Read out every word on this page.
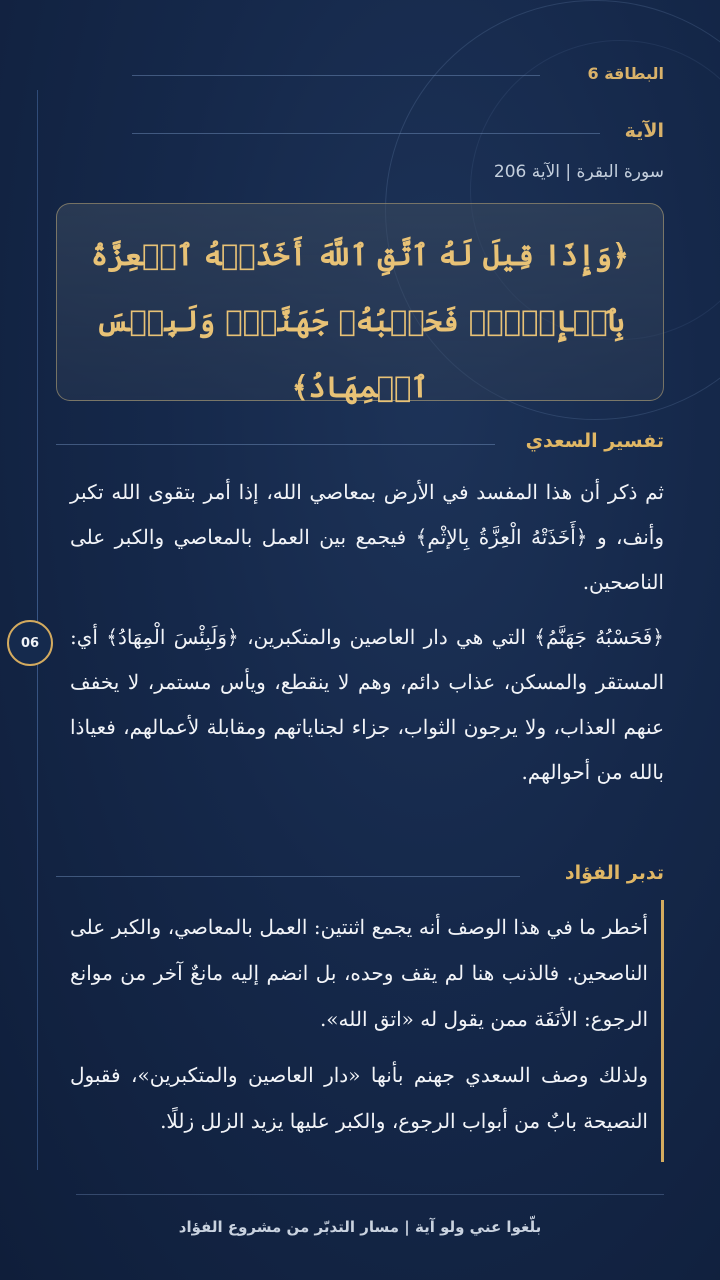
06
البطاقة 6
الآية
سورة البقرة | الآية 206
﴿وَإِذَا قِيلَ لَهُ ٱتَّقِ ٱللَّهَ أَخَذَتۡهُ ٱلۡعِزَّةُ بِٱلۡإِثۡمِۚ فَحَسۡبُهُۥ جَهَنَّمُۖ وَلَبِئۡسَ ٱلۡمِهَادُ﴾
تفسير السعدي

ثم ذكر أن هذا المفسد في الأرض بمعاصي الله، إذا أمر بتقوى الله تكبر وأنف، و ﴿أَخَذَتْهُ الْعِزَّةُ بِالإثْمِ﴾ فيجمع بين العمل بالمعاصي والكبر على الناصحين.

﴿فَحَسْبُهُ جَهَنَّمُ﴾ التي هي دار العاصين والمتكبرين، ﴿وَلَبِئْسَ الْمِهَادُ﴾ أي: المستقر والمسكن، عذاب دائم، وهم لا ينقطع، ويأس مستمر، لا يخفف عنهم العذاب، ولا يرجون الثواب، جزاء لجناياتهم ومقابلة لأعمالهم، فعياذا بالله من أحوالهم.

تدبر الفؤاد

أخطر ما في هذا الوصف أنه يجمع اثنتين: العمل بالمعاصي، والكبر على الناصحين. فالذنب هنا لم يقف وحده، بل انضم إليه مانعٌ آخر من موانع الرجوع: الأنَفَة ممن يقول له «اتق الله».

ولذلك وصف السعدي جهنم بأنها «دار العاصين والمتكبرين»، فقبول النصيحة بابٌ من أبواب الرجوع، والكبر عليها يزيد الزلل زللًا.

بلّغوا عني ولو آية | مسار التدبّر من مشروع الفؤاد
